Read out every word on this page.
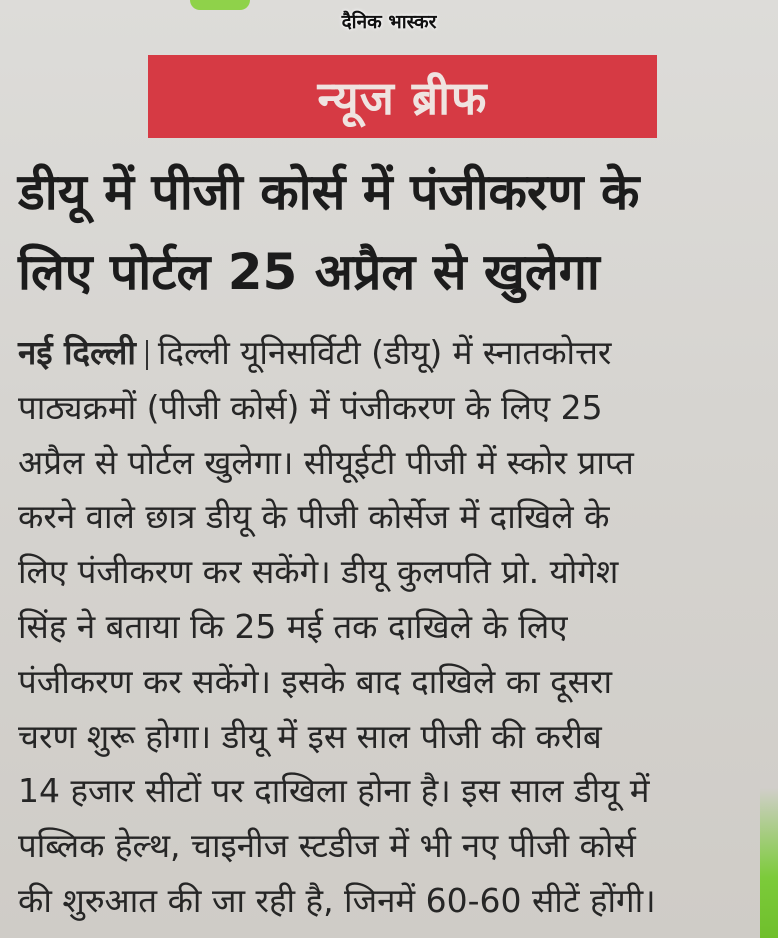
दैनिक भास्कर
न्यूज ब्रीफ
डीयू में पीजी कोर्स में पंजीकरण के
लिए पोर्टल 25 अप्रैल से खुलेगा
नई दिल्ली दिल्ली यूनिसर्विटी (डीयू) में स्नातकोत्तर
पाठ्यक्रमों (पीजी कोर्स) में पंजीकरण के लिए 25
अप्रैल से पोर्टल खुलेगा। सीयूईटी पीजी में स्कोर प्राप्त
करने वाले छात्र डीयू के पीजी कोर्सेज में दाखिले के
लिए पंजीकरण कर सकेंगे। डीयू कुलपति प्रो. योगेश
सिंह ने बताया कि 25 मई तक दाखिले के लिए
पंजीकरण कर सकेंगे। इसके बाद दाखिले का दूसरा
चरण शुरू होगा। डीयू में इस साल पीजी की करीब
14 हजार सीटों पर दाखिला होना है। इस साल डीयू में
पब्लिक हेल्थ, चाइनीज स्टडीज में भी नए पीजी कोर्स
की शुरुआत की जा रही है, जिनमें 60-60 सीटें होंगी।
